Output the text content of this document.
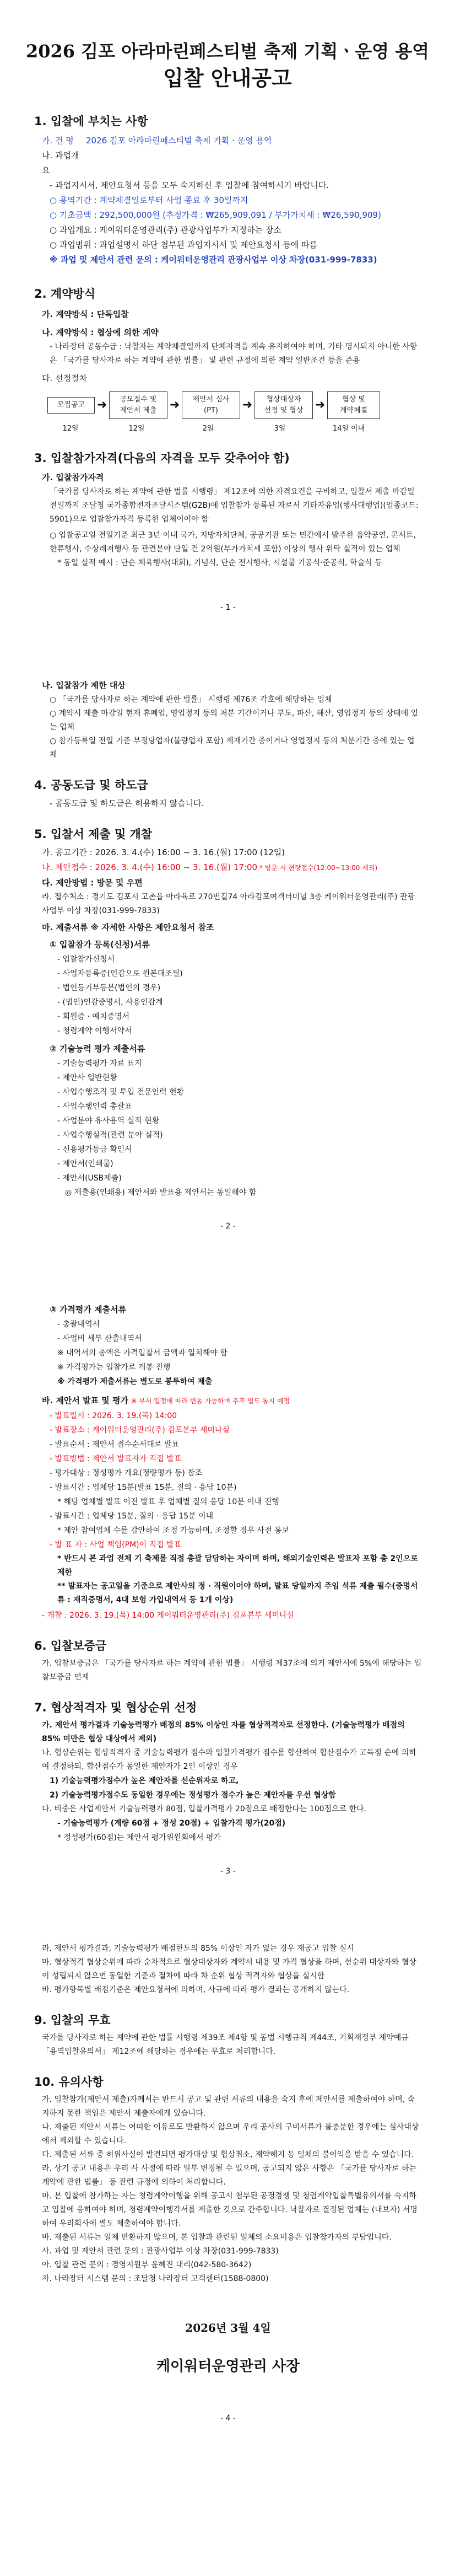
2026 김포 아라마린페스티벌 축제 기획ㆍ운영 용역
입찰 안내공고

1. 입찰에 부치는 사항

가. 건 명	2026 김포 아라마린페스티벌 축제 기획ㆍ운영 용역
나. 과업개요

- 과업지시서, 제안요청서 등을 모두 숙지하신 후 입찰에 참여하시기 바랍니다.

○ 용역기간 : 계약체결일로부터 사업 종료 후 30일까지

○ 기초금액 : 292,500,000원 (추정가격 : ₩265,909,091 / 부가가치세 : ₩26,590,909)

○ 과업개요 : 케이워터운영관리(주) 관광사업부가 지정하는 장소

○ 과업범위 : 과업설명서 하단 첨부된 과업지시서 및 제안요청서 등에 따름

※ 과업 및 제안서 관련 문의 : 케이워터운영관리 관광사업부 이상 차장(031-999-7833)

2. 계약방식

가. 계약방식 : 단독입찰

나. 계약방식 : 협상에 의한 계약

- 나라장터 공동수급 : 낙찰자는 계약체결일까지 단체자격을 계속 유지하여야 하며, 기타 명시되지 아니한 사항은 「국가를 당사자로 하는 계약에 관한 법률」 및 관련 규정에 의한 계약 일반조건 등을 준용

다. 선정절차

모집공고 ➜	공모접수 및
제안서 제출	➜	제안서 심사
(PT)	➜	협상대상자
선정 및 협상 ➜	협상 및
계약체결
12일	12일	2일	3일	14일 이내

3. 입찰참가자격(다음의 자격을 모두 갖추어야 함)

가. 입찰참가자격

「국가를 당사자로 하는 계약에 관한 법률 시행령」 제12조에 의한 자격요건을 구비하고, 입찰서 제출 마감일 전일까지 조달청 국가종합전자조달시스템(G2B)에 입찰참가 등록된 자로서 기타자유업(행사대행업)(업종코드: 5901)으로 입찰참가자격 등록한 업체이어야 함

○ 입찰공고일 전일기준 최근 3년 이내 국가, 지방자치단체, 공공기관 또는 민간에서 발주한 음악공연, 콘서트, 한류행사, 수상레저행사 등 관련분야 단일 건 2억원(부가가치세 포함) 이상의 행사 위탁 실적이 있는 업체

* 동일 실적 예시 : 단순 체육행사(대회), 기념식, 단순 전시행사, 시설물 기공식·준공식, 학술식 등

- 1 -

나. 입찰참가 제한 대상

○ 「국가를 당사자로 하는 계약에 관한 법률」 시행령 제76조 각호에 해당하는 업체

○ 계약서 제출 마감일 현재 휴폐업, 영업정지 등의 처분 기간이거나 부도, 파산, 해산, 영업정지 등의 상태에 있는 업체

○ 참가등록일 전일 기준 부정당업자(불량업자 포함) 제재기간 중이거나 영업정지 등의 처분기간 중에 있는 업체

4. 공동도급 및 하도급

- 공동도급 및 하도급은 허용하지 않습니다.

5. 입찰서 제출 및 개찰

가. 공고기간 : 2026. 3. 4.(수) 16:00 ~ 3. 16.(월) 17:00 (12일)

나. 제안접수 : 2026. 3. 4.(수) 16:00 ~ 3. 16.(월) 17:00 * 방문 시 현장접수(12:00~13:00 제외)

다. 제안방법 : 방문 및 우편

라. 접수처소 : 경기도 김포시 고촌읍 아라육로 270번길74 아라김포여객터미널 3층 케이워터운영관리(주) 관광사업부 이상 차장(031-999-7833)

마. 제출서류 ※ 자세한 사항은 제안요청서 참조

① 입찰참가 등록(신청)서류

- 입찰참가신청서

- 사업자등록증(인감으로 원본대조필)

- 법인등기부등본(법인의 경우)

- (법인)인감증명서, 사용인감계

- 회원증 · 예치증명서

- 청렴계약 이행서약서

② 기술능력 평가 제출서류

- 기술능력평가 자료 표지

- 제안사 일반현황

- 사업수행조직 및 투입 전문인력 현황

- 사업수행인력 총괄표

- 사업분야 유사용역 실적 현황

- 사업수행실적(관련 분야 실적)

- 신용평가등급 확인서

- 제안서(인쇄물)

- 제안서(USB제출)

◎ 제출용(인쇄용) 제안서와 발표용 제안서는 동일해야 함

- 2 -

③ 가격평가 제출서류

- 총괄내역서

- 사업비 세부 산출내역서

※ 내역서의 총액은 가격입찰서 금액과 일치해야 함

※ 가격평가는 입찰가로 개봉 진행

※ 가격평가 제출서류는 별도로 봉투하여 제출

바. 제안서 발표 및 평가 ※ 부서 일정에 따라 변동 가능하며 추후 별도 통지 예정

- 발표일시 : 2026. 3. 19.(목) 14:00

- 발표장소 : 케이워터운영관리(주) 김포본부 세미나실

- 발표순서 : 제안서 접수순서대로 발표

- 발표방법 : 제안서 발표자가 직접 발표

- 평가대상 : 정성평가 개요(정량평가 등) 참조

- 발표시간 : 업체당 15분(발표 15분, 질의 · 응답 10분)

* 해당 업체별 발표 이전 발표 후 업체별 질의 응답 10분 이내 진행

- 발표시간 : 업체당 15분, 질의 · 응답 15분 이내

* 제안 참여업체 수를 감안하여 조정 가능하며, 조정할 경우 사전 통보

- 발 표 자 : 사업 책임(PM)이 직접 발표

* 반드시 본 과업 전체 기 축제를 직접 총괄 담당하는 자이며 하며, 해외기술인력은 발표자 포함 총 2인으로 제한

** 발표자는 공고일을 기준으로 제안사의 정 · 직원이어야 하며, 발표 당일까지 주임 석류 제출 필수(증명서류 : 재직증명서, 4대 보험 가입내역서 등 1개 이상)

- 개찰 : 2026. 3. 19.(목) 14:00 케이워터운영관리(주) 김포본부 세미나실

6. 입찰보증금

가. 입찰보증금은 「국가를 당사자로 하는 계약에 관한 법률」 시행령 제37조에 의거 제안서에 5%에 해당하는 입찰보증금 면제

7. 협상적격자 및 협상순위 선정

가. 제안서 평가결과 기술능력평가 배점의 85% 이상인 자를 협상적격자로 선정한다. (기술능력평가 배점의 85% 미만은 협상 대상에서 제외)

나. 협상순위는 협상적격자 중 기술능력평가 점수와 입찰가격평가 점수를 합산하여 합산점수가 고득점 순에 의하여 결정하되, 합산점수가 동일한 제안자가 2인 이상인 경우

1) 기술능력평가점수가 높은 제안자를 선순위자로 하고,

2) 기술능력평가점수도 동일한 경우에는 정성평가 점수가 높은 제안자를 우선 협상함

다. 비중은 사업제안서 기술능력평가 80점, 입찰가격평가 20점으로 배점한다는 100점으로 한다.

- 기술능력평가 (계량 60점 + 정성 20점) + 입찰가격 평가(20점)

* 정성평가(60점)는 제안서 평가위원회에서 평가

- 3 -

라. 제안서 평가결과, 기술능력평가 배점한도의 85% 이상인 자가 없는 경우 재공고 입찰 실시

마. 협상적격 협상순위에 따라 순차적으로 협상대상자와 계약서 내용 및 가격 협상을 하며, 선순위 대상자와 협상이 성립되지 않으면 동일한 기준과 절차에 따라 차 순위 협상 적격자와 협상을 실시함

바. 평가항목별 배점기준은 제안요청서에 의하며, 사규에 따라 평가 결과는 공개하지 않는다.

9. 입찰의 무효

국가를 당사자로 하는 계약에 관한 법률 시행령 제39조 제4항 및 동법 시행규칙 제44조, 기획재정부 계약예규 「용역입찰유의서」 제12조에 해당하는 경우에는 무효로 처리합니다.

10. 유의사항

가. 입찰참가(제안서 제출)자께서는 반드시 공고 및 관련 서류의 내용을 숙지 후에 제안서를 제출하여야 하며, 숙지하지 못한 책임은 제안서 제출자에게 있습니다.

나. 제출된 제안서 서류는 어떠한 이유로도 반환하지 않으며 우리 공사의 구비서류가 불충분한 경우에는 심사대상에서 제외할 수 있습니다.

다. 제출된 서류 중 허위사실이 발견되면 평가대상 및 협상취소, 계약해지 등 일체의 불이익을 받을 수 있습니다.

라. 상기 공고 내용은 우리 사 사정에 따라 일부 변경될 수 있으며, 공고되지 않은 사항은 「국가를 당사자로 하는 계약에 관한 법률」 등 관련 규정에 의하여 처리합니다.

마. 본 입찰에 참가하는 자는 청렴계약이행을 위해 공고시 첨부된 공정경쟁 및 청렴계약입찰특별유의서를 숙지하고 입찰에 응하여야 하며, 청렴계약이행각서를 제출한 것으로 간주합니다. 낙찰자로 결정된 업체는 (내보자) 서명하여 우리회사에 별도 제출하여야 합니다.

바. 제출된 서류는 일체 반환하지 않으며, 본 입찰과 관련된 일체의 소요비용은 입찰참가자의 부담입니다.

사. 과업 및 제안서 관련 문의 : 관광사업부 이상 차장(031-999-7833)

아. 입찰 관련 문의 : 경영지원부 윤혜진 대리(042-580-3642)

자. 나라장터 시스템 문의 : 조달청 나라장터 고객센터(1588-0800)

2026년 3월 4일

케이워터운영관리 사장

- 4 -
